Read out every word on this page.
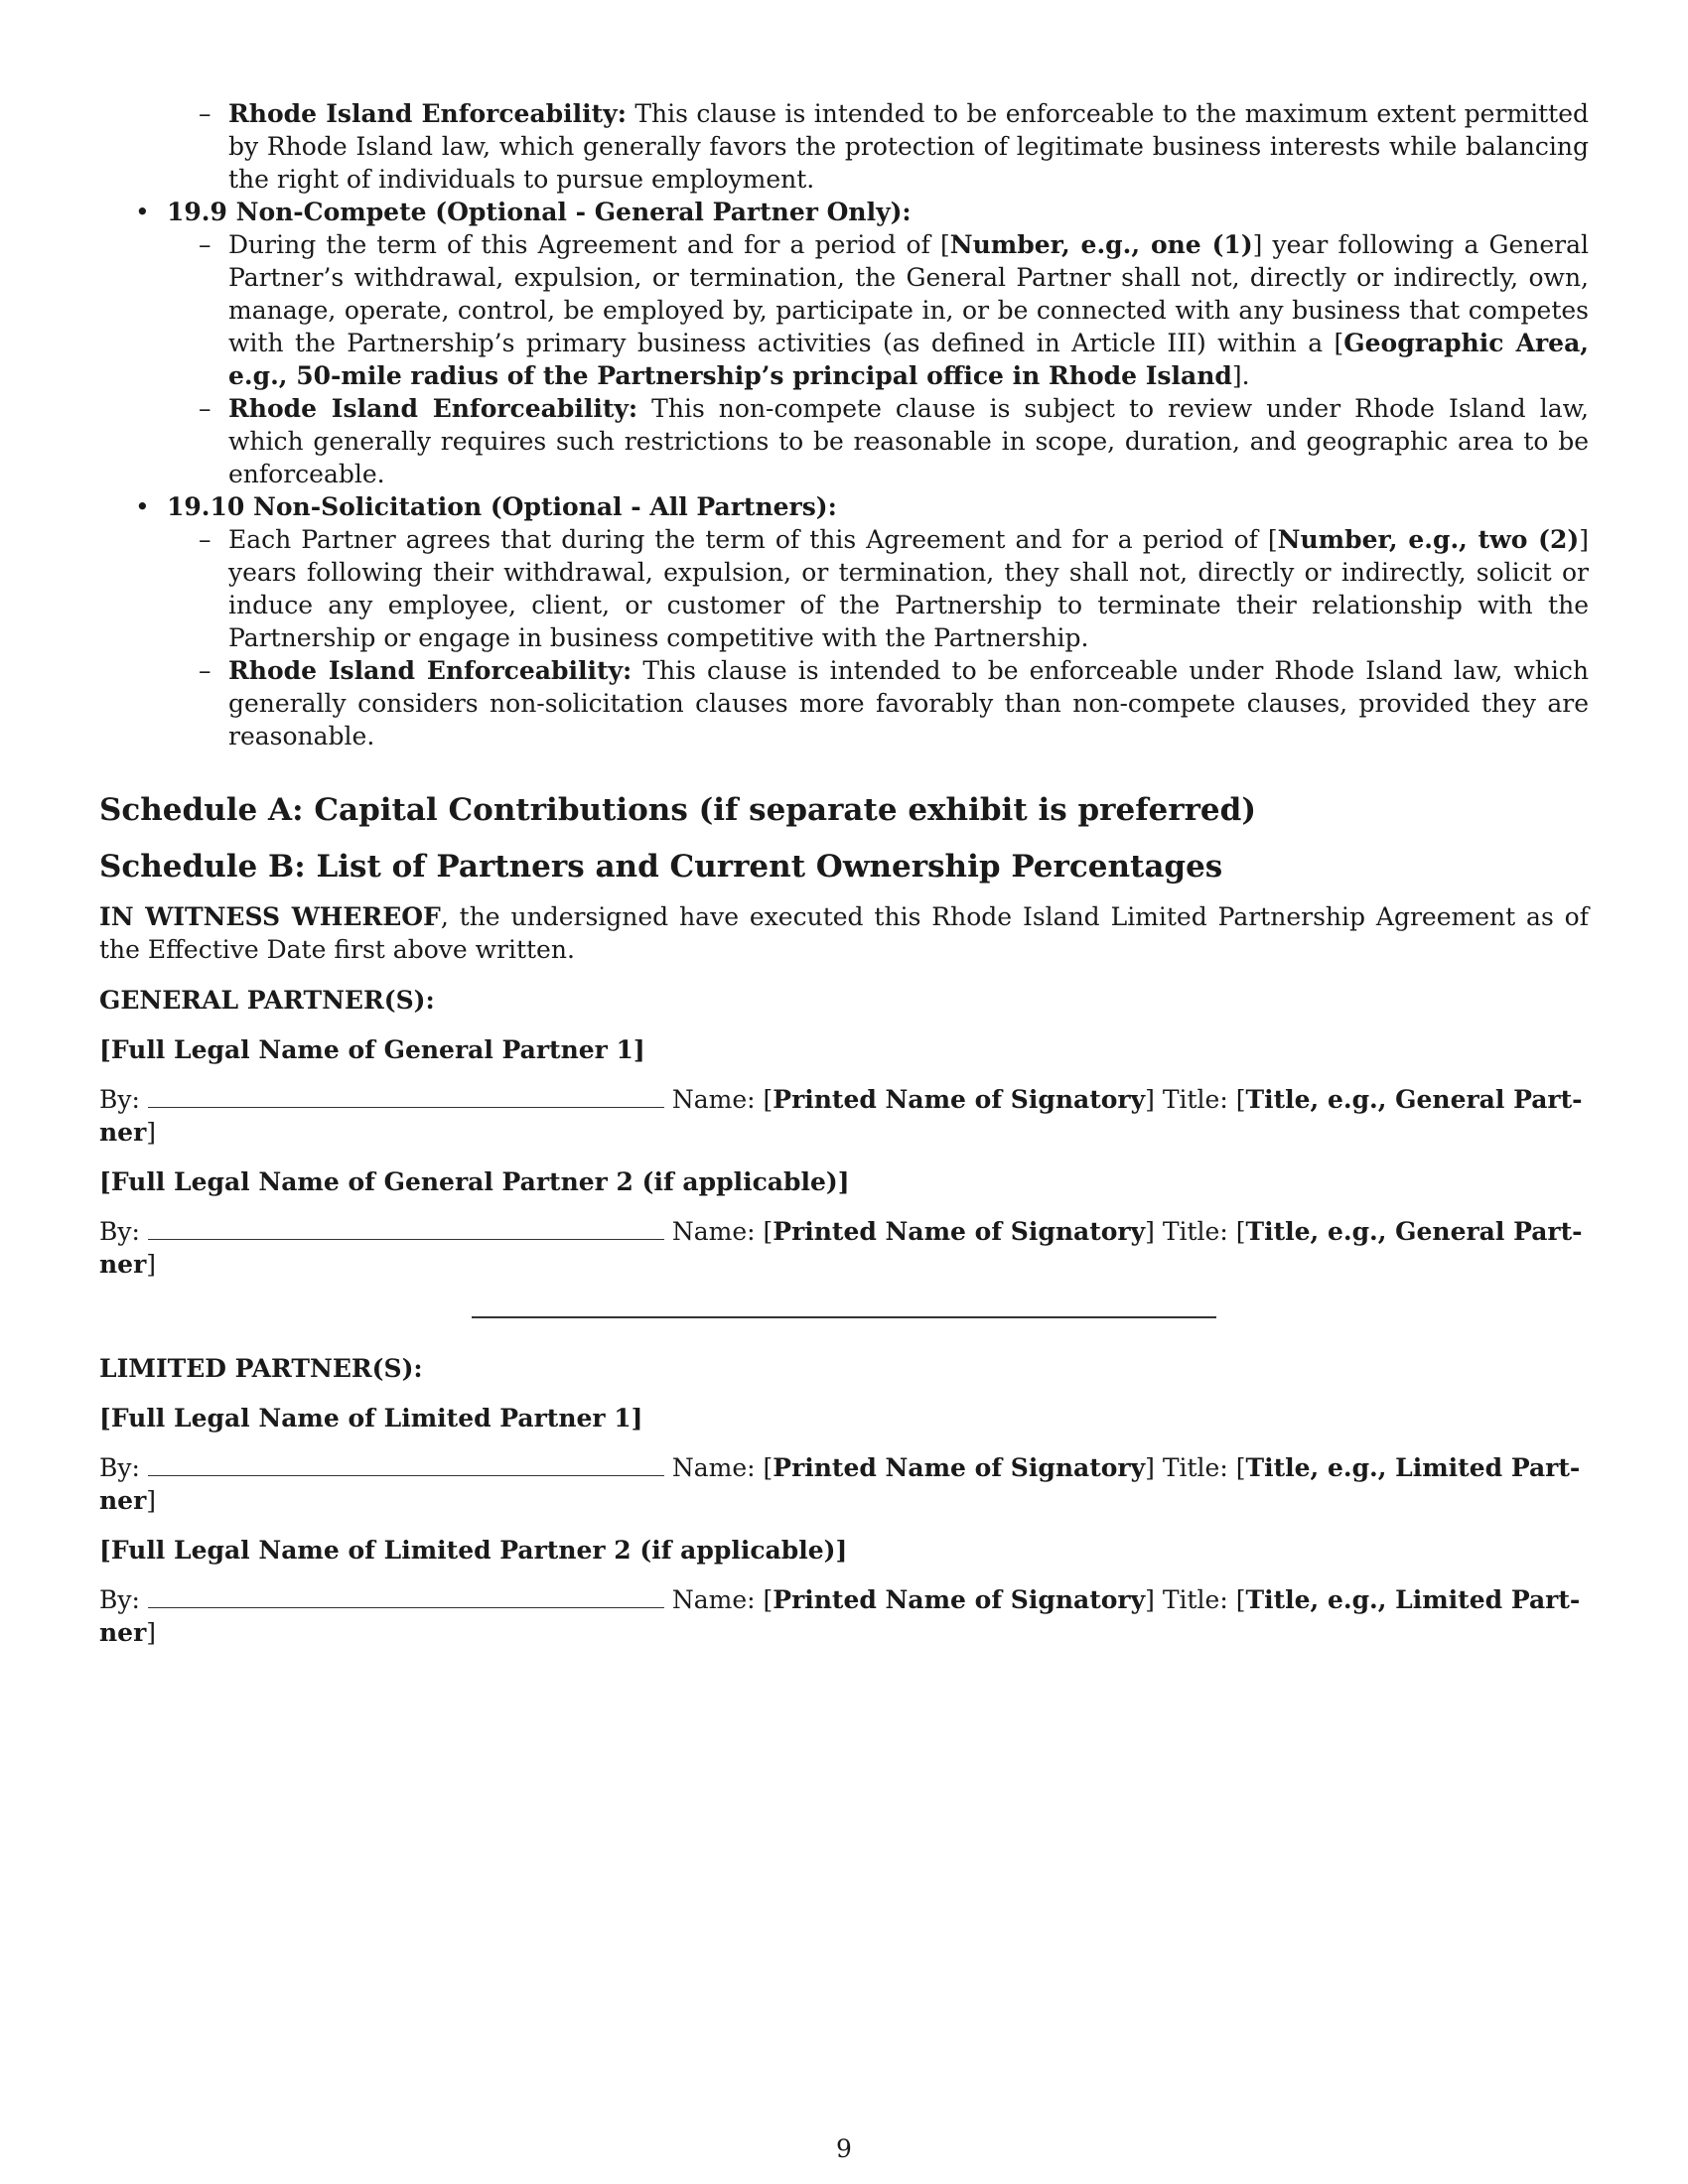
– Rhode Island Enforceability: This clause is intended to be enforceable to the maximum extent permitted by Rhode Island law, which generally favors the protection of legitimate business interests while balancing the right of individuals to pursue employment.
• 19.9 Non-Compete (Optional - General Partner Only):
– During the term of this Agreement and for a period of [Number, e.g., one (1)] year following a General Partner’s withdrawal, expulsion, or termination, the General Partner shall not, directly or indirectly, own, manage, operate, control, be employed by, participate in, or be connected with any business that competes with the Partnership’s primary business activities (as defined in Article III) within a [Geographic Area, e.g., 50-mile radius of the Partnership’s principal office in Rhode Island].
– Rhode Island Enforceability: This non-compete clause is subject to review under Rhode Island law, which generally requires such restrictions to be reasonable in scope, duration, and geographic area to be enforceable.
• 19.10 Non-Solicitation (Optional - All Partners):
– Each Partner agrees that during the term of this Agreement and for a period of [Number, e.g., two (2)] years following their withdrawal, expulsion, or termination, they shall not, directly or indirectly, solicit or induce any employee, client, or customer of the Partnership to terminate their relationship with the Partnership or engage in business competitive with the Partnership.
– Rhode Island Enforceability: This clause is intended to be enforceable under Rhode Island law, which generally considers non-solicitation clauses more favorably than non-compete clauses, provided they are reasonable.
Schedule A: Capital Contributions (if separate exhibit is preferred)
Schedule B: List of Partners and Current Ownership Percentages
IN WITNESS WHEREOF, the undersigned have executed this Rhode Island Limited Partnership Agreement as of the Effective Date first above written.
GENERAL PARTNER(S):
[Full Legal Name of General Partner 1]
By:	Name: [Printed Name of Signatory] Title: [Title, e.g., General Part-
ner]
[Full Legal Name of General Partner 2 (if applicable)]
By:	Name: [Printed Name of Signatory] Title: [Title, e.g., General Part-
ner]
LIMITED PARTNER(S):
[Full Legal Name of Limited Partner 1]
By:	Name: [Printed Name of Signatory] Title: [Title, e.g., Limited Part-
ner]
[Full Legal Name of Limited Partner 2 (if applicable)]
By:	Name: [Printed Name of Signatory] Title: [Title, e.g., Limited Part-
ner]
9
